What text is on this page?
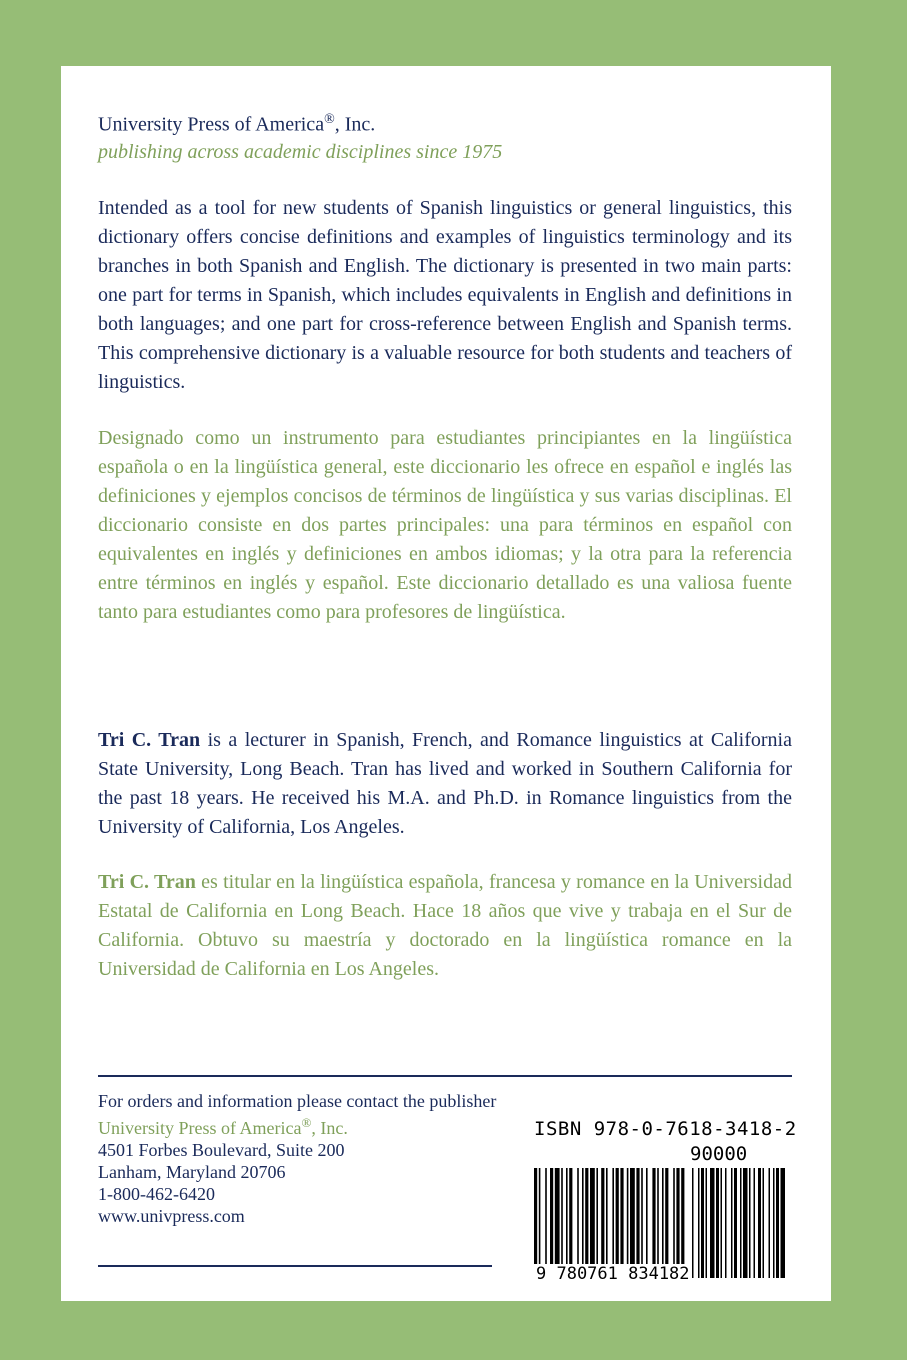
University Press of America®, Inc.
publishing across academic disciplines since 1975
Intended as a tool for new students of Spanish linguistics or general linguistics, this dictionary offers concise definitions and examples of linguistics terminology and its branches in both Spanish and English. The dictionary is presented in two main parts: one part for terms in Spanish, which includes equivalents in English and definitions in both languages; and one part for cross-reference between English and Spanish terms. This comprehensive dictionary is a valuable resource for both students and teachers of linguistics.
Designado como un instrumento para estudiantes principiantes en la lingüística española o en la lingüística general, este diccionario les ofrece en español e inglés las definiciones y ejemplos concisos de términos de lingüística y sus varias disciplinas. El diccionario consiste en dos partes principales: una para términos en español con equivalentes en inglés y definiciones en ambos idiomas; y la otra para la referencia entre términos en inglés y español. Este diccionario detallado es una valiosa fuente tanto para estudiantes como para profesores de lingüística.
Tri C. Tran is a lecturer in Spanish, French, and Romance linguistics at California State University, Long Beach. Tran has lived and worked in Southern California for the past 18 years. He received his M.A. and Ph.D. in Romance linguistics from the University of California, Los Angeles.
Tri C. Tran es titular en la lingüística española, francesa y romance en la Universidad Estatal de California en Long Beach. Hace 18 años que vive y trabaja en el Sur de California. Obtuvo su maestría y doctorado en la lingüística romance en la Universidad de California en Los Angeles.
For orders and information please contact the publisher
University Press of America®, Inc.
4501 Forbes Boulevard, Suite 200
Lanham, Maryland 20706
1-800-462-6420
www.univpress.com
ISBN 978-0-7618-3418-2
90000
9 780761 834182
